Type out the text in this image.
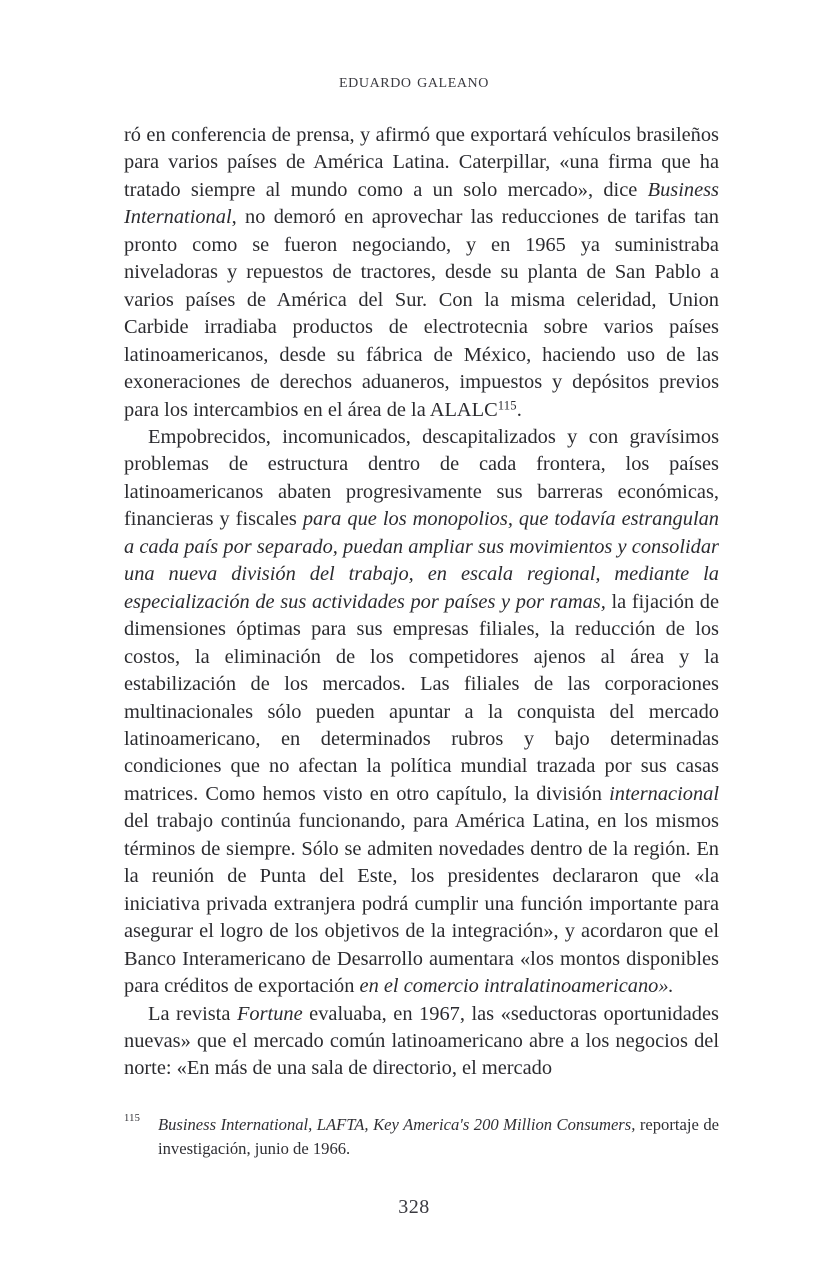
eduardo galeano

ró en conferencia de prensa, y afirmó que exportará vehículos brasileños para varios países de América Latina. Caterpillar, «una firma que ha tratado siempre al mundo como a un solo mercado», dice Business International, no demoró en aprovechar las reducciones de tarifas tan pronto como se fueron negociando, y en 1965 ya suministraba niveladoras y repuestos de tractores, desde su planta de San Pablo a varios países de América del Sur. Con la misma celeridad, Union Carbide irradiaba productos de electrotecnia sobre varios países latinoamericanos, desde su fábrica de México, haciendo uso de las exoneraciones de derechos aduaneros, impuestos y depósitos previos para los intercambios en el área de la ALALC$^{115}$.

Empobrecidos, incomunicados, descapitalizados y con gravísimos problemas de estructura dentro de cada frontera, los países latinoamericanos abaten progresivamente sus barreras económicas, financieras y fiscales para que los monopolios, que todavía estrangulan a cada país por separado, puedan ampliar sus movimientos y consolidar una nueva división del trabajo, en escala regional, mediante la especialización de sus actividades por países y por ramas, la fijación de dimensiones óptimas para sus empresas filiales, la reducción de los costos, la eliminación de los competidores ajenos al área y la estabilización de los mercados. Las filiales de las corporaciones multinacionales sólo pueden apuntar a la conquista del mercado latinoamericano, en determinados rubros y bajo determinadas condiciones que no afectan la política mundial trazada por sus casas matrices. Como hemos visto en otro capítulo, la división internacional del trabajo continúa funcionando, para América Latina, en los mismos términos de siempre. Sólo se admiten novedades dentro de la región. En la reunión de Punta del Este, los presidentes declararon que «la iniciativa privada extranjera podrá cumplir una función importante para asegurar el logro de los objetivos de la integración», y acordaron que el Banco Interamericano de Desarrollo aumentara «los montos disponibles para créditos de exportación en el comercio intralatinoamericano».

La revista Fortune evaluaba, en 1967, las «seductoras oportunidades nuevas» que el mercado común latinoamericano abre a los negocios del norte: «En más de una sala de directorio, el mercado

115 Business International, LAFTA, Key America's 200 Million Consumers, reportaje de investigación, junio de 1966.
328
